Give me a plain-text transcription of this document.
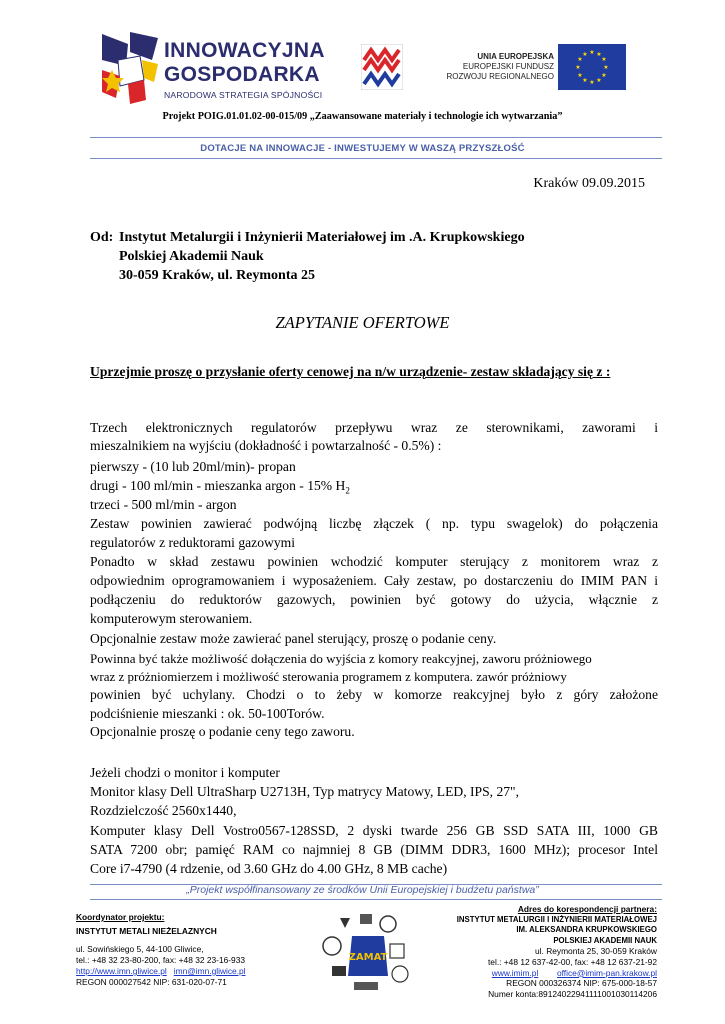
INNOWACYJNA
GOSPODARKA
NARODOWA STRATEGIA SPÓJNOŚCI
UNIA EUROPEJSKA
EUROPEJSKI FUNDUSZ
ROZWOJU REGIONALNEGO
★ ★
★
★
★
★
★
★
★
★
★
★
Projekt POIG.01.01.02-00-015/09 „Zaawansowane materiały i technologie ich wytwarzania”
DOTACJE NA INNOWACJE - INWESTUJEMY W WASZĄ PRZYSZŁOŚĆ
Kraków 09.09.2015
Od: Instytut Metalurgii i Inżynierii Materiałowej im .A. Krupkowskiego
Polskiej Akademii Nauk
30-059 Kraków, ul. Reymonta 25
ZAPYTANIE OFERTOWE
Uprzejmie proszę o przysłanie oferty cenowej na n/w urządzenie- zestaw składający się z :
Trzech elektronicznych regulatorów przepływu wraz ze sterownikami, zaworami i
mieszalnikiem na wyjściu (dokładność i powtarzalność - 0.5%) :
pierwszy - (10 lub 20ml/min)- propan
drugi - 100 ml/min - mieszanka argon - 15% $H_2$
trzeci - 500 ml/min - argon
Zestaw powinien zawierać podwójną liczbę złączek ( np. typu swagelok) do połączenia
regulatorów z reduktorami gazowymi
Ponadto w skład zestawu powinien wchodzić komputer sterujący z monitorem wraz z
odpowiednim oprogramowaniem i wyposażeniem. Cały zestaw, po dostarczeniu do IMIM PAN i
podłączeniu do reduktorów gazowych, powinien być gotowy do użycia, włącznie z
komputerowym sterowaniem.
Opcjonalnie zestaw może zawierać panel sterujący, proszę o podanie ceny.
Powinna być także możliwość dołączenia do wyjścia z komory reakcyjnej, zaworu próżniowego
wraz z próżniomierzem i możliwość sterowania programem z komputera. zawór próżniowy
powinien być uchylany. Chodzi o to żeby w komorze reakcyjnej było z góry założone
podciśnienie mieszanki : ok. 50-100Torów.
Opcjonalnie proszę o podanie ceny tego zaworu.
Jeżeli chodzi o monitor i komputer
Monitor klasy Dell UltraSharp U2713H, Typ matrycy Matowy, LED, IPS, 27",
Rozdzielczość 2560x1440,
Komputer klasy Dell Vostro0567-128SSD, 2 dyski twarde 256 GB SSD SATA III, 1000 GB
SATA 7200 obr; pamięć RAM co najmniej 8 GB (DIMM DDR3, 1600 MHz); procesor Intel
Core i7-4790 (4 rdzenie, od 3.60 GHz do 4.00 GHz, 8 MB cache)
„Projekt współfinansowany ze środków Unii Europejskiej i budżetu państwa”
Koordynator projektu:
INSTYTUT METALI NIEŻELAZNYCH
ul. Sowińskiego 5, 44-100 Gliwice,
tel.: +48 32 23-80-200, fax: +48 32 23-16-933
http://www.imn.gliwice.pl imn@imn.gliwice.pl
REGON 000027542 NIP: 631-020-07-71
ZAMAT
Adres do korespondencji partnera:
INSTYTUT METALURGII I INŻYNIERII MATERIAŁOWEJ
IM. ALEKSANDRA KRUPKOWSKIEGO
POLSKIEJ AKADEMII NAUK
ul. Reymonta 25, 30-059 Kraków
tel.: +48 12 637-42-00, fax: +48 12 637-21-92
www.imim.pl office@imim-pan.krakow.pl
REGON 000326374 NIP: 675-000-18-57
Numer konta:89124022941111001030114206
